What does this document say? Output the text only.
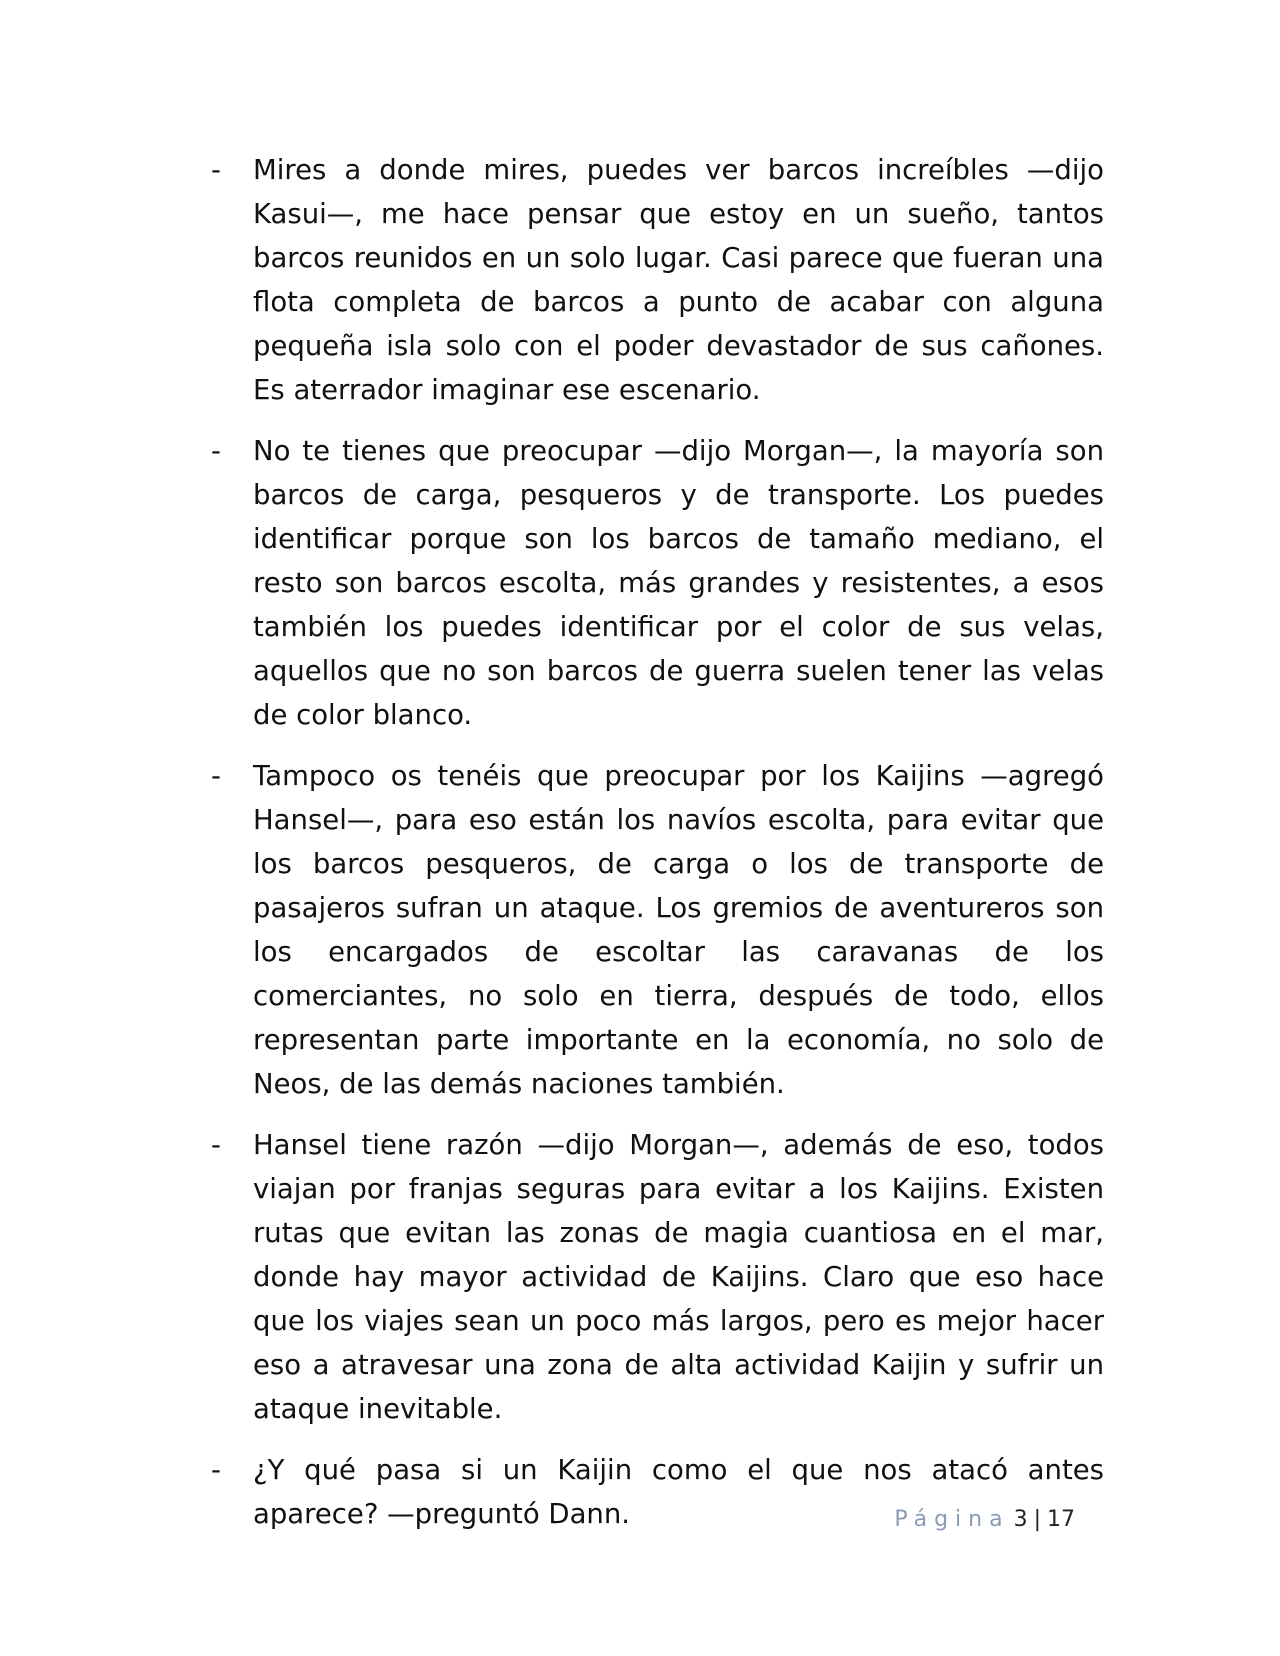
- Mires a donde mires, puedes ver barcos increíbles —dijo Kasui—, me hace pensar que estoy en un sueño, tantos barcos reunidos en un solo lugar. Casi parece que fueran una flota completa de barcos a punto de acabar con alguna pequeña isla solo con el poder devastador de sus cañones. Es aterrador imaginar ese escenario.

- No te tienes que preocupar —dijo Morgan—, la mayoría son barcos de carga, pesqueros y de transporte. Los puedes identificar porque son los barcos de tamaño mediano, el resto son barcos escolta, más grandes y resistentes, a esos también los puedes identificar por el color de sus velas, aquellos que no son barcos de guerra suelen tener las velas de color blanco.

- Tampoco os tenéis que preocupar por los Kaijins —agregó Hansel—, para eso están los navíos escolta, para evitar que los barcos pesqueros, de carga o los de transporte de pasajeros sufran un ataque. Los gremios de aventureros son los encargados de escoltar las caravanas de los comerciantes, no solo en tierra, después de todo, ellos representan parte importante en la economía, no solo de Neos, de las demás naciones también.

- Hansel tiene razón —dijo Morgan—, además de eso, todos viajan por franjas seguras para evitar a los Kaijins. Existen rutas que evitan las zonas de magia cuantiosa en el mar, donde hay mayor actividad de Kaijins. Claro que eso hace que los viajes sean un poco más largos, pero es mejor hacer eso a atravesar una zona de alta actividad Kaijin y sufrir un ataque inevitable.

- ¿Y qué pasa si un Kaijin como el que nos atacó antes aparece? —preguntó Dann.	Página 3 | 17
